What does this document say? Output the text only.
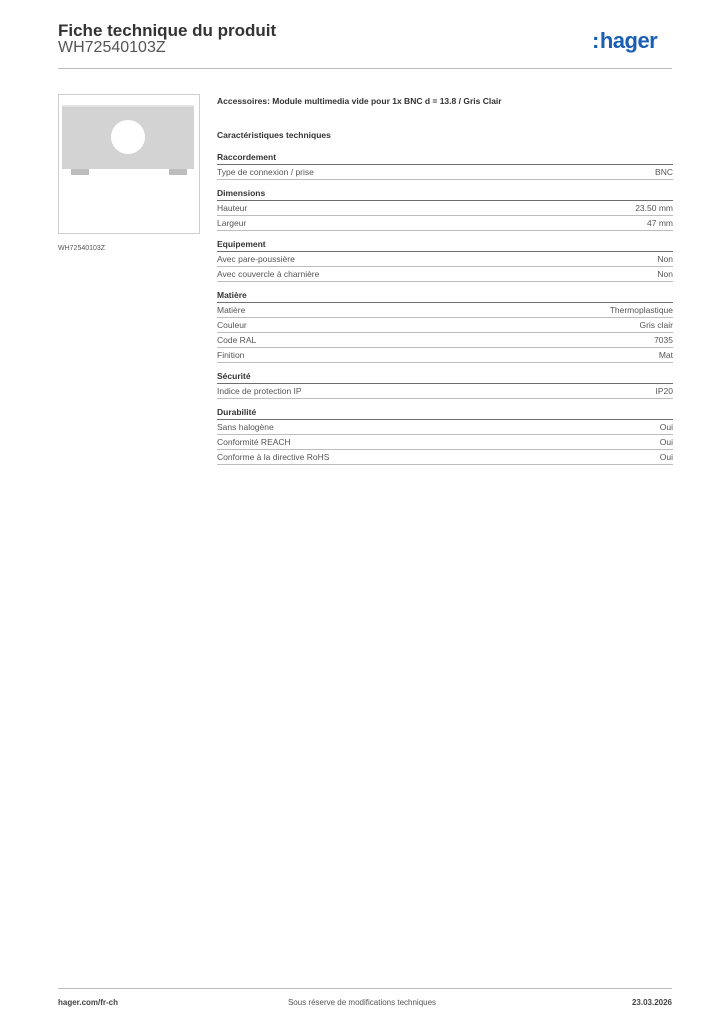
Fiche technique du produit
WH72540103Z	:hager
WH72540103Z
Accessoires: Module multimedia vide pour 1x BNC d = 13.8 / Gris Clair
Caractéristiques techniques
Raccordement
Type de connexion / prise	BNC
Dimensions
Hauteur	23.50 mm
Largeur	47 mm
Equipement
Avec pare-poussière	Non
Avec couvercle à charnière	Non
Matière
Matière	Thermoplastique
Couleur	Gris clair
Code RAL	7035
Finition	Mat
Sécurité
Indice de protection IP	IP20
Durabilité
Sans halogène	Oui
Conformité REACH	Oui
Conforme à la directive RoHS	Oui
hager.com/fr-ch	Sous réserve de modifications techniques	23.03.2026
